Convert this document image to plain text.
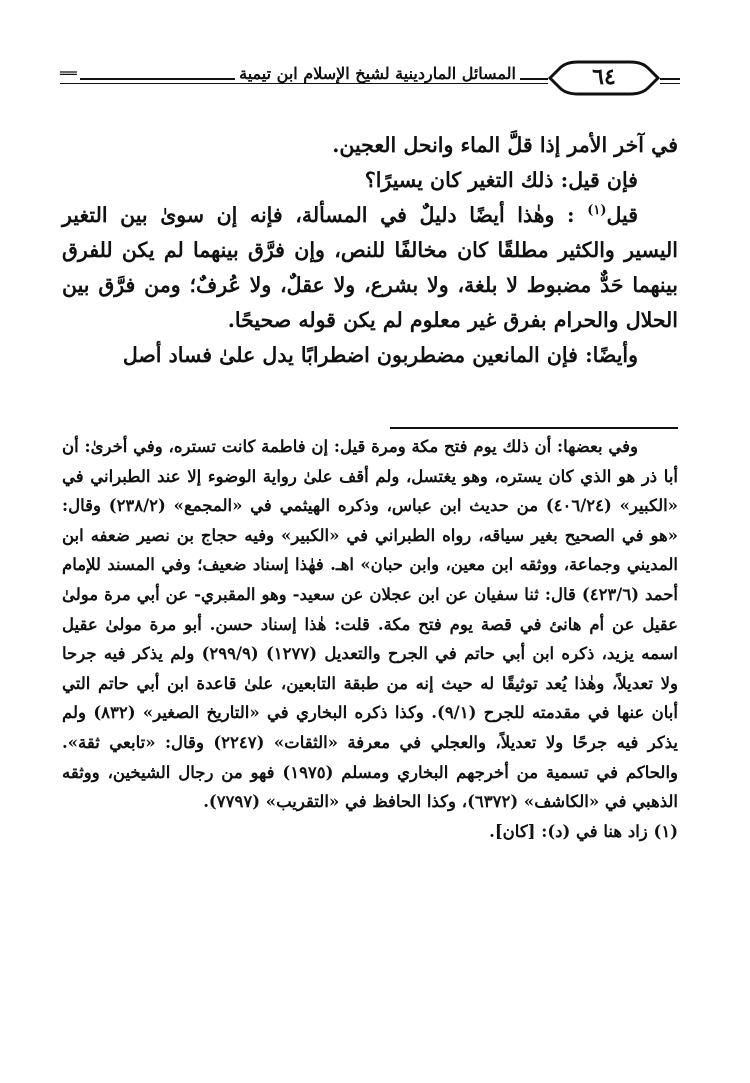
══	المسائل الماردينية لشيخ الإسلام ابن تيمية	٦٤

في آخر الأمر إذا قلَّ الماء وانحل العجين.

فإن قيل: ذلك التغير كان يسيرًا؟

قيل$^{(١)}$ : وهٰذا أيضًا دليلٌ في المسألة، فإنه إن سوىٰ بين التغير اليسير والكثير مطلقًا كان مخالفًا للنص، وإن فرَّق بينهما لم يكن للفرق بينهما حَدٌّ مضبوط لا بلغة، ولا بشرع، ولا عقلٌ، ولا عُرفٌ؛ ومن فرَّق بين الحلال والحرام بفرق غير معلوم لم يكن قوله صحيحًا.

وأيضًا: فإن المانعين مضطربون اضطرابًا يدل علىٰ فساد أصل

وفي بعضها: أن ذلك يوم فتح مكة ومرة قيل: إن فاطمة كانت تستره، وفي أخرىٰ: أن أبا ذر هو الذي كان يستره، وهو يغتسل، ولم أقف علىٰ رواية الوضوء إلا عند الطبراني في «الكبير» (٤٠٦/٢٤) من حديث ابن عباس، وذكره الهيثمي في «المجمع» (٢٣٨/٢) وقال: «هو في الصحيح بغير سياقه، رواه الطبراني في «الكبير» وفيه حجاج بن نصير ضعفه ابن المديني وجماعة، ووثقه ابن معين، وابن حبان» اهـ. فهٰذا إسناد ضعيف؛ وفي المسند للإمام أحمد (٤٢٣/٦) قال: ثنا سفيان عن ابن عجلان عن سعيد- وهو المقبري- عن أبي مرة مولىٰ عقيل عن أم هانئ في قصة يوم فتح مكة. قلت: هٰذا إسناد حسن. أبو مرة مولىٰ عقيل اسمه يزيد، ذكره ابن أبي حاتم في الجرح والتعديل (١٢٧٧) (٢٩٩/٩) ولم يذكر فيه جرحا ولا تعديلاً، وهٰذا يُعد توثيقًا له حيث إنه من طبقة التابعين، علىٰ قاعدة ابن أبي حاتم التي أبان عنها في مقدمته للجرح (٩/١). وكذا ذكره البخاري في «التاريخ الصغير» (٨٣٢) ولم يذكر فيه جرحًا ولا تعديلاً، والعجلي في معرفة «الثقات» (٢٢٤٧) وقال: «تابعي ثقة». والحاكم في تسمية من أخرجهم البخاري ومسلم (١٩٧٥) فهو من رجال الشيخين، ووثقه الذهبي في «الكاشف» (٦٣٧٢)، وكذا الحافظ في «التقريب» (٧٧٩٧).

(١) زاد هنا في (د): [كان].
